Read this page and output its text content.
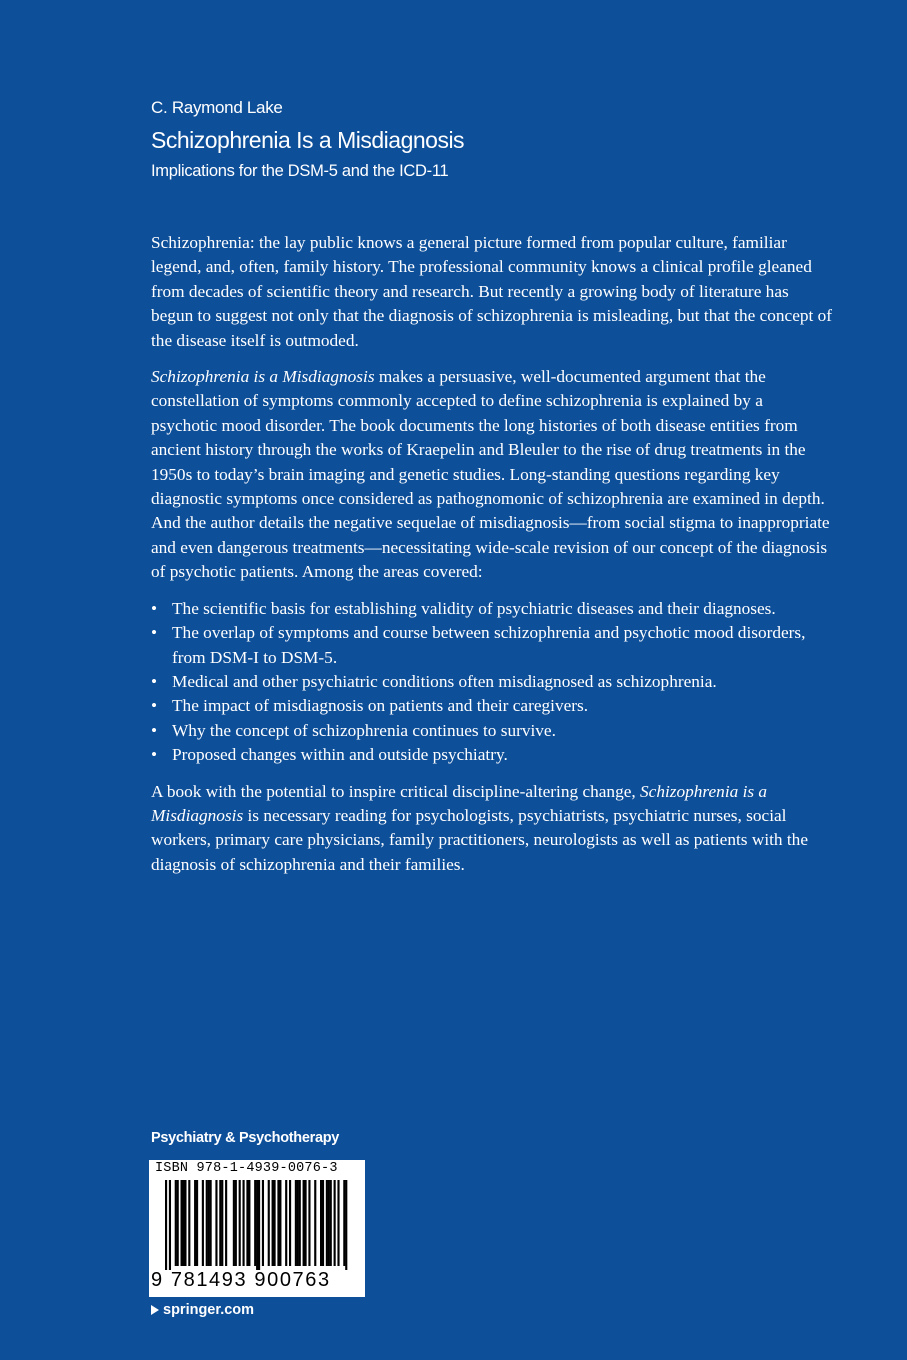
C. Raymond Lake
Schizophrenia Is a Misdiagnosis
Implications for the DSM-5 and the ICD-11

Schizophrenia: the lay public knows a general picture formed from popular culture, familiar legend, and, often, family history. The professional community knows a clinical profile gleaned from decades of scientific theory and research. But recently a growing body of literature has begun to suggest not only that the diagnosis of schizophrenia is misleading, but that the concept of the disease itself is outmoded.

Schizophrenia is a Misdiagnosis makes a persuasive, well-documented argument that the constellation of symptoms commonly accepted to define schizophrenia is explained by a psychotic mood disorder. The book documents the long histories of both disease entities from ancient history through the works of Kraepelin and Bleuler to the rise of drug treatments in the 1950s to today’s brain imaging and genetic studies. Long-standing questions regarding key diagnostic symptoms once considered as pathognomonic of schizophrenia are examined in depth. And the author details the negative sequelae of misdiagnosis—from social stigma to inappropriate and even dangerous treatments—necessitating wide-scale revision of our concept of the diagnosis of psychotic patients. Among the areas covered:

• The scientific basis for establishing validity of psychiatric diseases and their diagnoses.
• The overlap of symptoms and course between schizophrenia and psychotic mood disorders, from DSM-I to DSM-5.
• Medical and other psychiatric conditions often misdiagnosed as schizophrenia.
• The impact of misdiagnosis on patients and their caregivers.
• Why the concept of schizophrenia continues to survive.
• Proposed changes within and outside psychiatry.

A book with the potential to inspire critical discipline-altering change, Schizophrenia is a Misdiagnosis is necessary reading for psychologists, psychiatrists, psychiatric nurses, social workers, primary care physicians, family practitioners, neurologists as well as patients with the diagnosis of schizophrenia and their families.

Psychiatry & Psychotherapy
ISBN 978-1-4939-0076-3
9 781493 900763
springer.com
